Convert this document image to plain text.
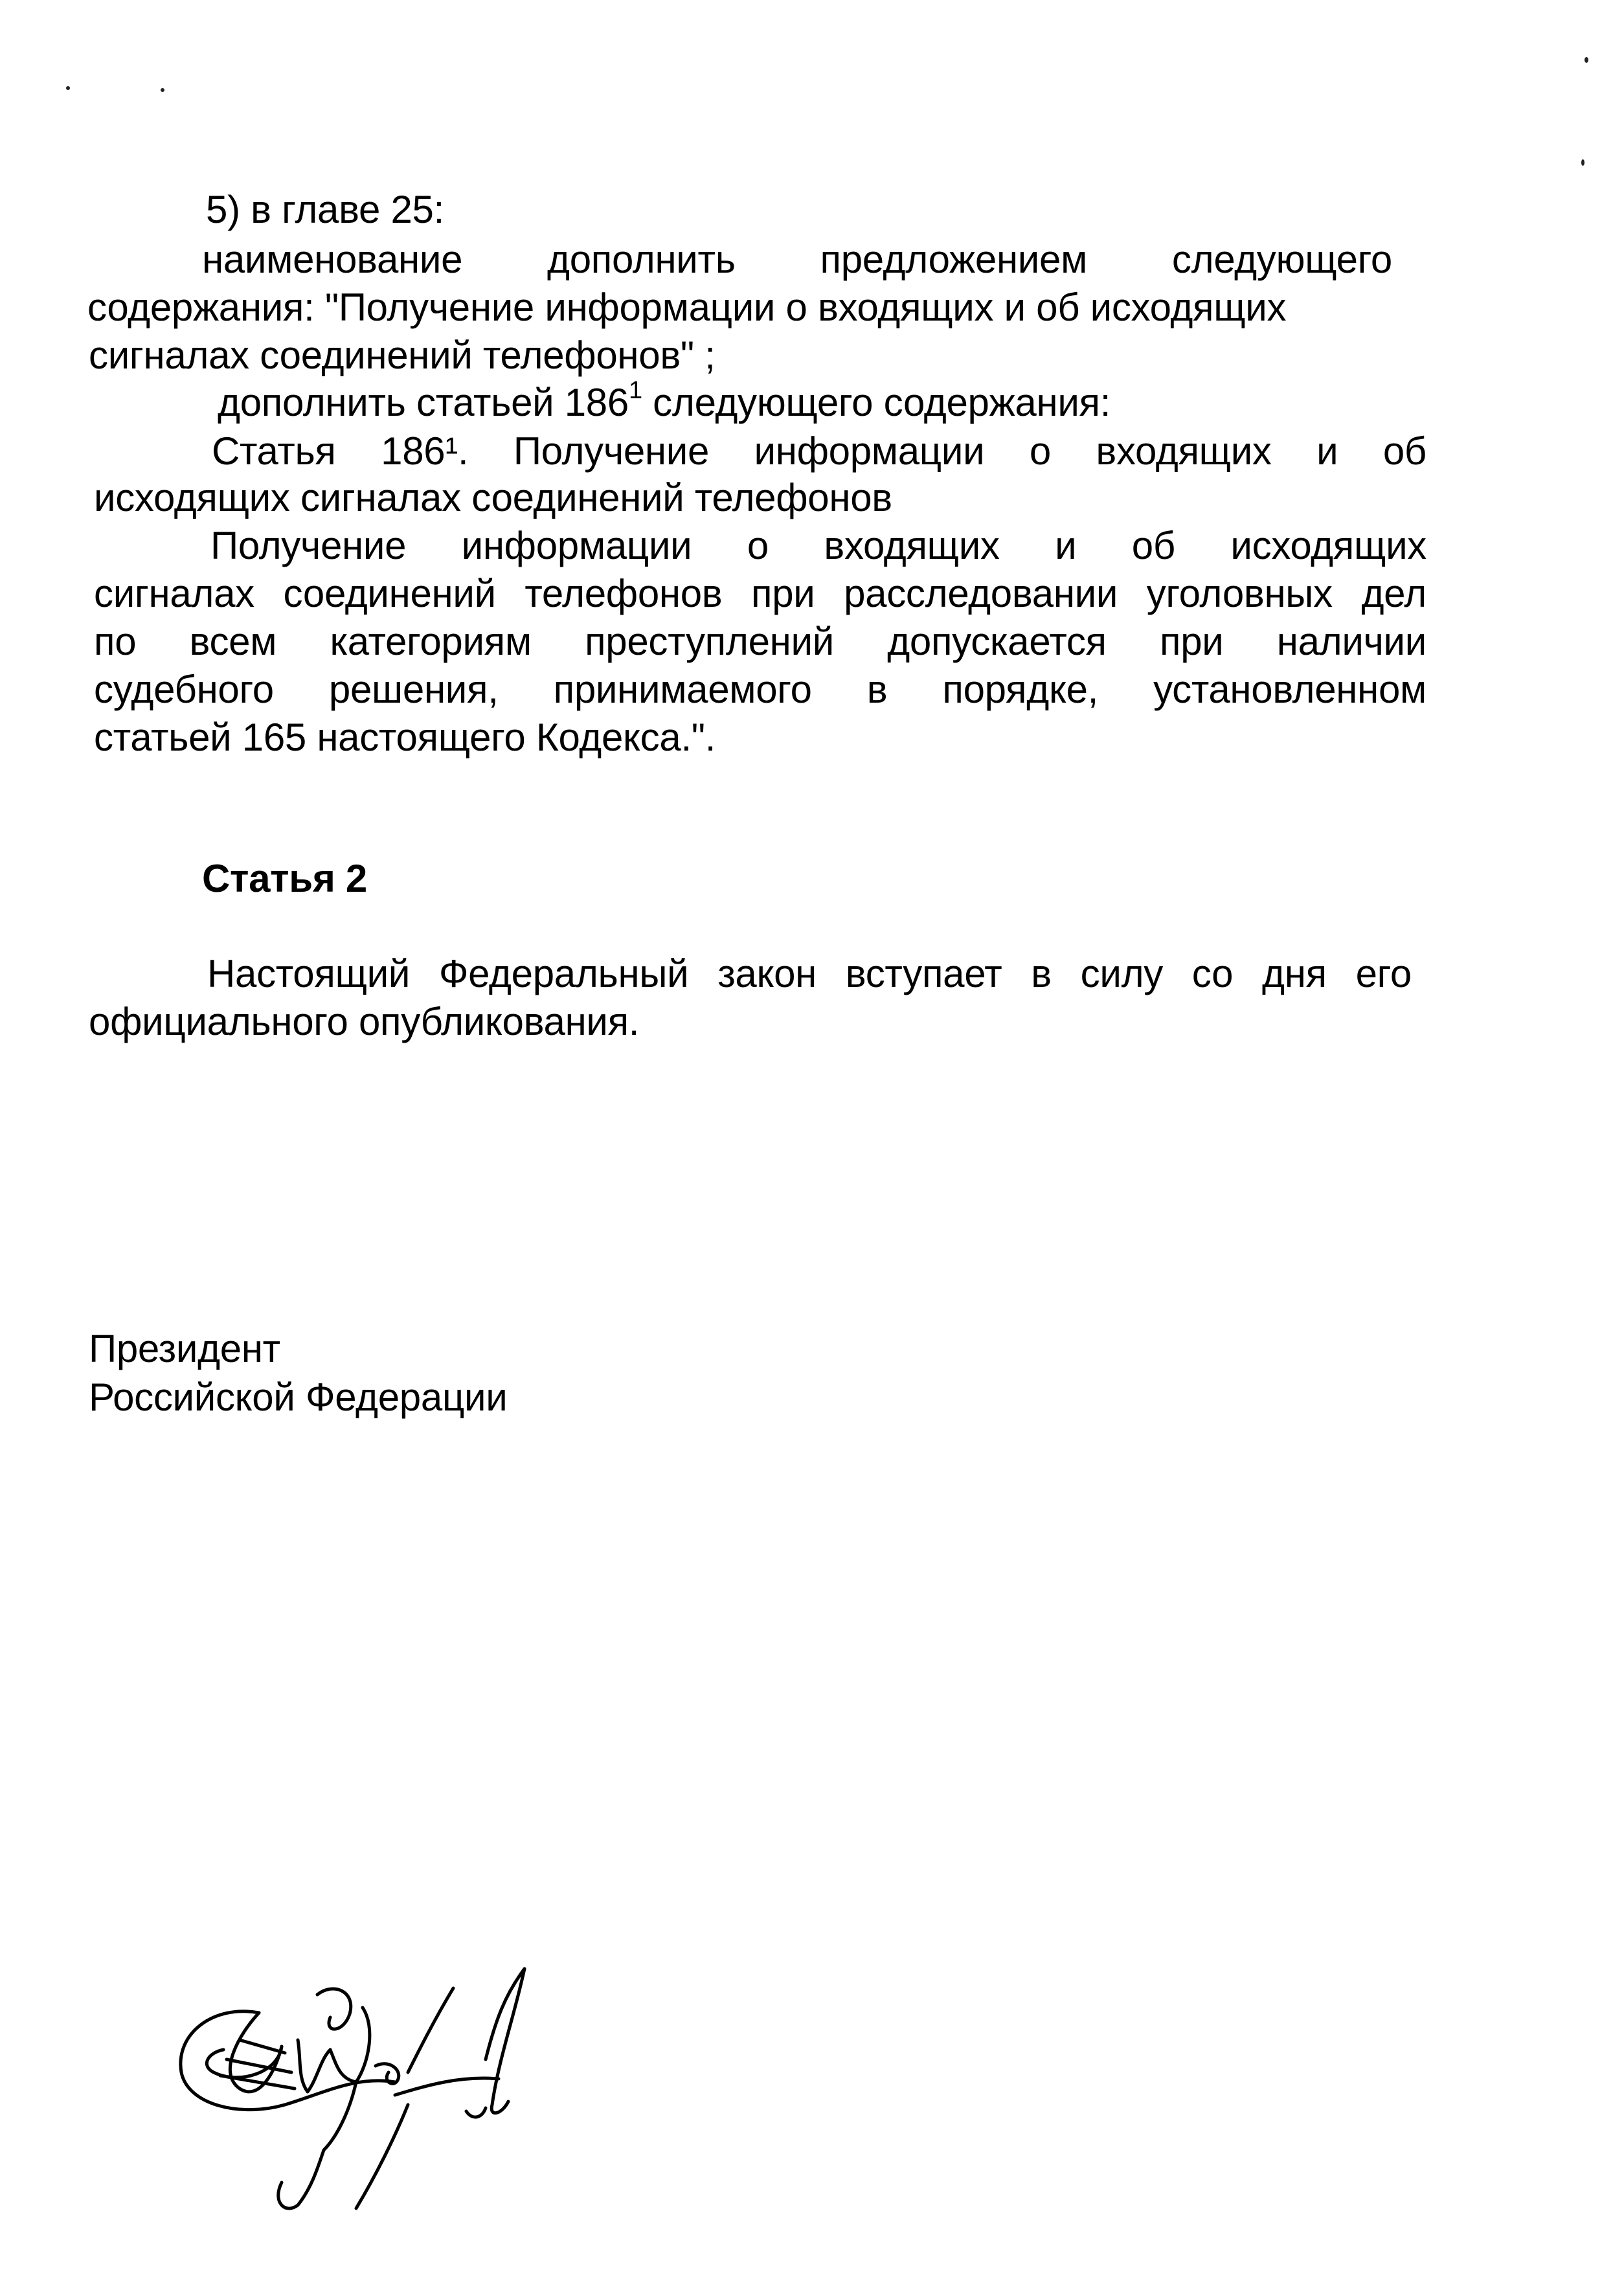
5) в главе 25:
наименование дополнить предложением следующего
содержания: "Получение информации о входящих и об исходящих
сигналах соединений телефонов" ;
дополнить статьей $186^1$ следующего содержания:
Статья 186¹. Получение информации о входящих и об
исходящих сигналах соединений телефонов
Получение информации о входящих и об исходящих
сигналах соединений телефонов при расследовании уголовных дел
по всем категориям преступлений допускается при наличии
судебного решения, принимаемого в порядке, установленном
статьей 165 настоящего Кодекса.".
Статья 2
Настоящий Федеральный закон вступает в силу со дня его
официального опубликования.
Президент
Российской Федерации
